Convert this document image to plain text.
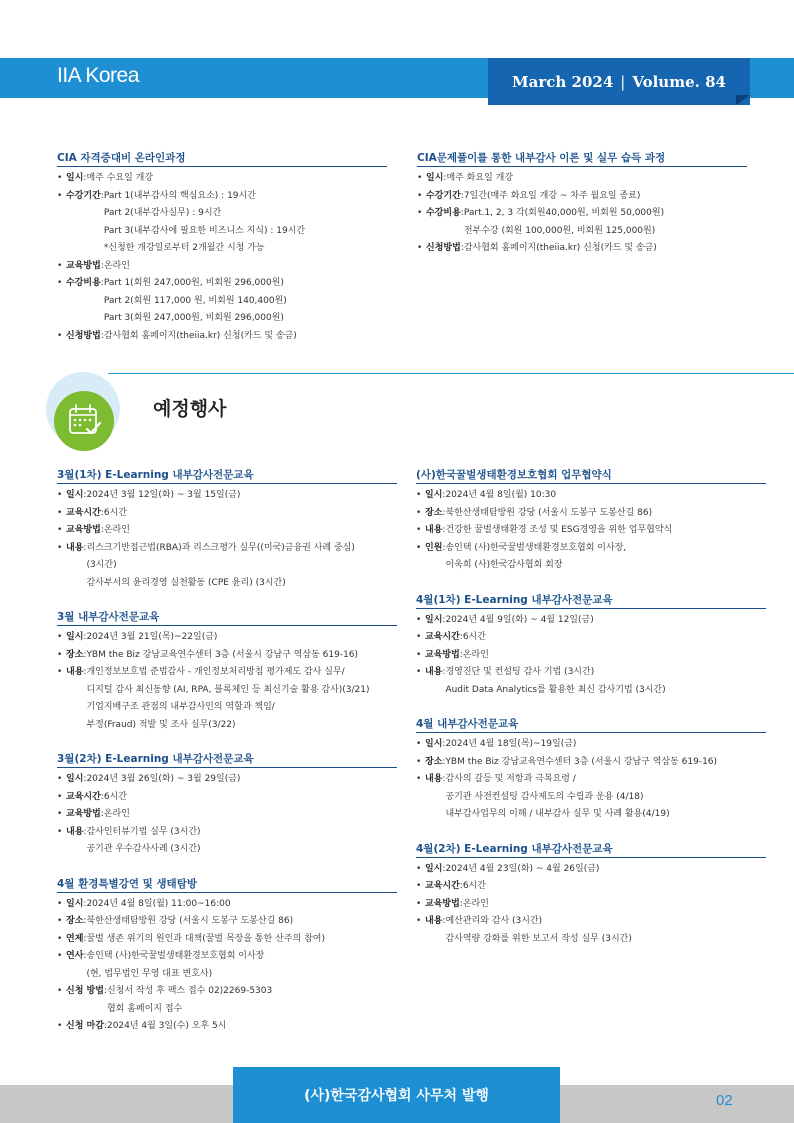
IIA Korea	March 2024 | Volume. 84
CIA 자격증대비 온라인과정
• 일시 : 매주 수요일 개강
• 수강기간 : Part 1(내부감사의 핵심요소) : 19시간
Part 2(내부감사실무) : 9시간
Part 3(내부감사에 필요한 비즈니스 지식) : 19시간
*신청한 개강일로부터 2개월간 시청 가능
• 교육방법 : 온라인
• 수강비용 : Part 1(회원 247,000원, 비회원 296,000원)
Part 2(회원 117,000 원, 비회원 140,400원)
Part 3(회원 247,000원, 비회원 296,000원)
• 신청방법 : 감사협회 홈페이지(theiia.kr) 신청(카드 및 송금)
CIA문제풀이를 통한 내부감사 이론 및 실무 습득 과정
• 일시 : 매주 화요일 개강
• 수강기간 : 7일간(매주 화요일 개강 ~ 차주 월요일 종료)
• 수강비용 : Part.1, 2, 3 각(회원40,000원, 비회원 50,000원)
전부수강 (회원 100,000원, 비회원 125,000원)
• 신청방법 : 감사협회 홈페이지(theiia.kr) 신청(카드 및 송금)
예정행사
3월(1차) E-Learning 내부감사전문교육
• 일시 : 2024년 3월 12일(화) ~ 3월 15일(금)
• 교육시간 : 6시간
• 교육방법 : 온라인
• 내용 : 리스크기반접근법(RBA)과 리스크평가 실무((미국)금융권 사례 중심)
(3시간)
감사부서의 윤리경영 실천활동 (CPE 윤리) (3시간)
3월 내부감사전문교육
• 일시 : 2024년 3월 21일(목)~22일(금)
• 장소 : YBM the Biz 강남교육연수센터 3층 (서울시 강남구 역삼동 619-16)
• 내용 : 개인정보보호법 준법감사 - 개인정보처리방침 평가제도 감사 실무/
디지털 감사 최신동향 (AI, RPA, 블록체인 등 최신기술 활용 감사)(3/21)
기업지배구조 관점의 내부감사인의 역할과 책임/
부정(Fraud) 적발 및 조사 실무(3/22)
3월(2차) E-Learning 내부감사전문교육
• 일시 : 2024년 3월 26일(화) ~ 3월 29일(금)
• 교육시간 : 6시간
• 교육방법 : 온라인
• 내용 : 감사인터뷰기법 실무 (3시간)
공기관 우수감사사례 (3시간)
4월 환경특별강연 및 생태탐방
• 일시 : 2024년 4월 8일(월) 11:00~16:00
• 장소 : 북한산생태탐방원 강당 (서울시 도봉구 도봉산길 86)
• 연제 : 꿀벌 생존 위기의 원인과 대책(꿀벌 목장을 통한 산주의 참여)
• 연사 : 송인택 (사)한국꿀벌생태환경보호협회 이사장
(현, 법무법인 무영 대표 변호사)
• 신청 방법 : 신청서 작성 후 팩스 접수 02)2269-5303
협회 홈페이지 접수
• 신청 마감 : 2024년 4월 3일(수) 오후 5시
(사)한국꿀벌생태환경보호협회 업무협약식
• 일시 : 2024년 4월 8일(월) 10:30
• 장소 : 북한산생태탐방원 강당 (서울시 도봉구 도봉산길 86)
• 내용 : 건강한 꿀벌생태환경 조성 및 ESG경영을 위한 업무협약식
• 인원 : 송인택 (사)한국꿀벌생태환경보호협회 이사장,
이욱희 (사)한국감사협회 회장
4월(1차) E-Learning 내부감사전문교육
• 일시 : 2024년 4월 9일(화) ~ 4월 12일(금)
• 교육시간 : 6시간
• 교육방법 : 온라인
• 내용 : 경영진단 및 컨설팅 감사 기법 (3시간)
Audit Data Analytics를 활용한 최신 감사기법 (3시간)
4월 내부감사전문교육
• 일시 : 2024년 4월 18일(목)~19일(금)
• 장소 : YBM the Biz 강남교육연수센터 3층 (서울시 강남구 역삼동 619-16)
• 내용 : 감사의 갈등 및 저항과 극복요령 /
공기관 사전컨설팅 감사제도의 수립과 운용 (4/18)
내부감사업무의 이해 / 내부감사 실무 및 사례 활용(4/19)
4월(2차) E-Learning 내부감사전문교육
• 일시 : 2024년 4월 23일(화) ~ 4월 26일(금)
• 교육시간 : 6시간
• 교육방법 : 온라인
• 내용 : 예산관리와 감사 (3시간)
감사역량 강화를 위한 보고서 작성 실무 (3시간)
(사)한국감사협회 사무처 발행	02
